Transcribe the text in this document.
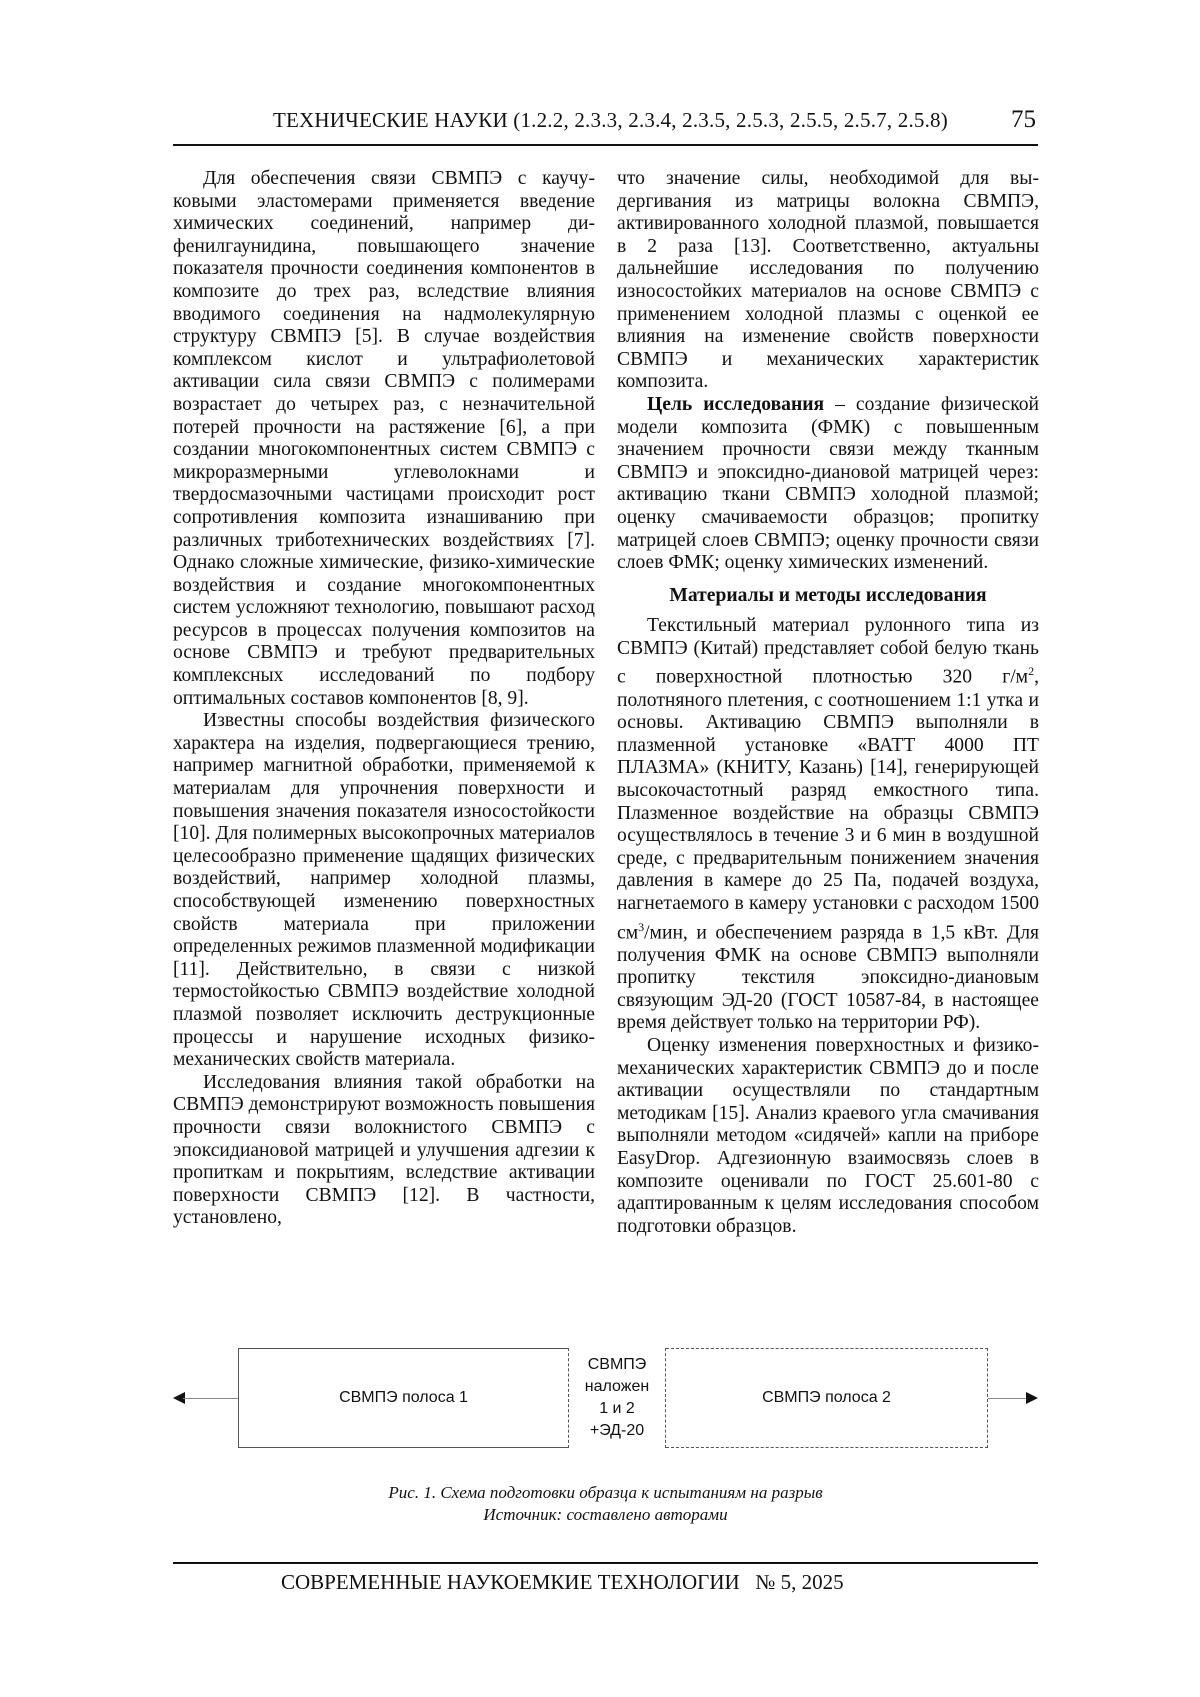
ТЕХНИЧЕСКИЕ НАУКИ (1.2.2, 2.3.3, 2.3.4, 2.3.5, 2.5.3, 2.5.5, 2.5.7, 2.5.8)	75

Для обеспечения связи СВМПЭ с каучуковыми эластомерами применяется введение химических соединений, например дифенилгаунидина, повышающего значение показателя прочности соединения компонентов в композите до трех раз, вследствие влияния вводимого соединения на надмолекулярную структуру СВМПЭ [5]. В случае воздействия комплексом кислот и ультрафиолетовой активации сила связи СВМПЭ с полимерами возрастает до четырех раз, с незначительной потерей прочности на растяжение [6], а при создании многокомпонентных систем СВМПЭ с микроразмерными углеволокнами и твердосмазочными частицами происходит рост сопротивления композита изнашиванию при различных триботехнических воздействиях [7]. Однако сложные химические, физико-химические воздействия и создание многокомпонентных систем усложняют технологию, повышают расход ресурсов в процессах получения композитов на основе СВМПЭ и требуют предварительных комплексных исследований по подбору оптимальных составов компонентов [8, 9].

Известны способы воздействия физического характера на изделия, подвергающиеся трению, например магнитной обработки, применяемой к материалам для упрочнения поверхности и повышения значения показателя износостойкости [10]. Для полимерных высокопрочных материалов целесообразно применение щадящих физических воздействий, например холодной плазмы, способствующей изменению поверхностных свойств материала при приложении определенных режимов плазменной модификации [11]. Действительно, в связи с низкой термостойкостью СВМПЭ воздействие холодной плазмой позволяет исключить деструкционные процессы и нарушение исходных физико-механических свойств материала.

Исследования влияния такой обработки на СВМПЭ демонстрируют возможность повышения прочности связи волокнистого СВМПЭ с эпоксидиановой матрицей и улучшения адгезии к пропиткам и покрытиям, вследствие активации поверхности СВМПЭ [12]. В частности, установлено,

что значение силы, необходимой для выдергивания из матрицы волокна СВМПЭ, активированного холодной плазмой, повышается в 2 раза [13]. Соответственно, актуальны дальнейшие исследования по получению износостойких материалов на основе СВМПЭ с применением холодной плазмы с оценкой ее влияния на изменение свойств поверхности СВМПЭ и механических характеристик композита.

Цель исследования – создание физической модели композита (ФМК) с повышенным значением прочности связи между тканным СВМПЭ и эпоксидно-диановой матрицей через: активацию ткани СВМПЭ холодной плазмой; оценку смачиваемости образцов; пропитку матрицей слоев СВМПЭ; оценку прочности связи слоев ФМК; оценку химических изменений.

Материалы и методы исследования

Текстильный материал рулонного типа из СВМПЭ (Китай) представляет собой белую ткань с поверхностной плотностью 320 $г/м^2$, полотняного плетения, с соотношением 1:1 утка и основы. Активацию СВМПЭ выполняли в плазменной установке «ВАТТ 4000 ПТ ПЛАЗМА» (КНИТУ, Казань) [14], генерирующей высокочастотный разряд емкостного типа. Плазменное воздействие на образцы СВМПЭ осуществлялось в течение 3 и 6 мин в воздушной среде, с предварительным понижением значения давления в камере до 25 Па, подачей воздуха, нагнетаемого в камеру установки с расходом 1500 $см^3$/мин, и обеспечением разряда в 1,5 кВт. Для получения ФМК на основе СВМПЭ выполняли пропитку текстиля эпоксидно-диановым связующим ЭД-20 (ГОСТ 10587-84, в настоящее время действует только на территории РФ).

Оценку изменения поверхностных и физико-механических характеристик СВМПЭ до и после активации осуществляли по стандартным методикам [15]. Анализ краевого угла смачивания выполняли методом «сидячей» капли на приборе EasyDrop. Адгезионную взаимосвязь слоев в композите оценивали по ГОСТ 25.601-80 с адаптированным к целям исследования способом подготовки образцов.

СВМПЭ полоса 1
СВМПЭ
наложен
1 и 2
+ЭД-20
СВМПЭ полоса 2
Рис. 1. Схема подготовки образца к испытаниям на разрыв
Источник: составлено авторами
СОВРЕМЕННЫЕ НАУКОЕМКИЕ ТЕХНОЛОГИИ   № 5, 2025
